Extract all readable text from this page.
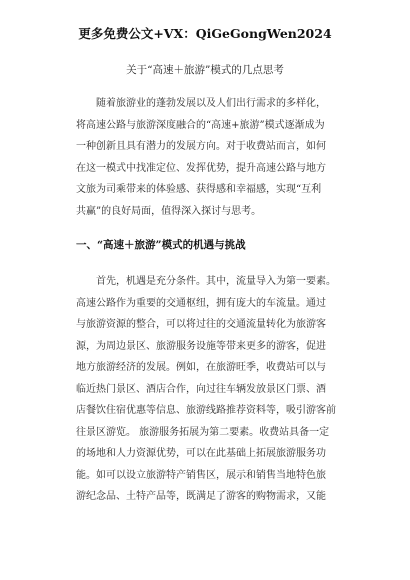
更多免费公文+VX：QiGeGongWen2024
关于“高速＋旅游”模式的几点思考
随着旅游业的蓬勃发展以及人们出行需求的多样化，
将高速公路与旅游深度融合的“高速+旅游”模式逐渐成为
一种创新且具有潜力的发展方向。对于收费站而言，如何
在这一模式中找准定位、发挥优势，提升高速公路与地方
文旅为司乘带来的体验感、获得感和幸福感，实现“互利
共赢”的良好局面，值得深入探讨与思考。
一、“高速＋旅游”模式的机遇与挑战
首先，机遇是充分条件。其中，流量导入为第一要素。
高速公路作为重要的交通枢纽，拥有庞大的车流量。通过
与旅游资源的整合，可以将过往的交通流量转化为旅游客
源，为周边景区、旅游服务设施等带来更多的游客，促进
地方旅游经济的发展。例如，在旅游旺季，收费站可以与
临近热门景区、酒店合作，向过往车辆发放景区门票、酒
店餐饮住宿优惠等信息、旅游线路推荐资料等，吸引游客前
往景区游览。 旅游服务拓展为第二要素。收费站具备一定
的场地和人力资源优势，可以在此基础上拓展旅游服务功
能。如可以设立旅游特产销售区，展示和销售当地特色旅
游纪念品、土特产品等，既满足了游客的购物需求，又能
